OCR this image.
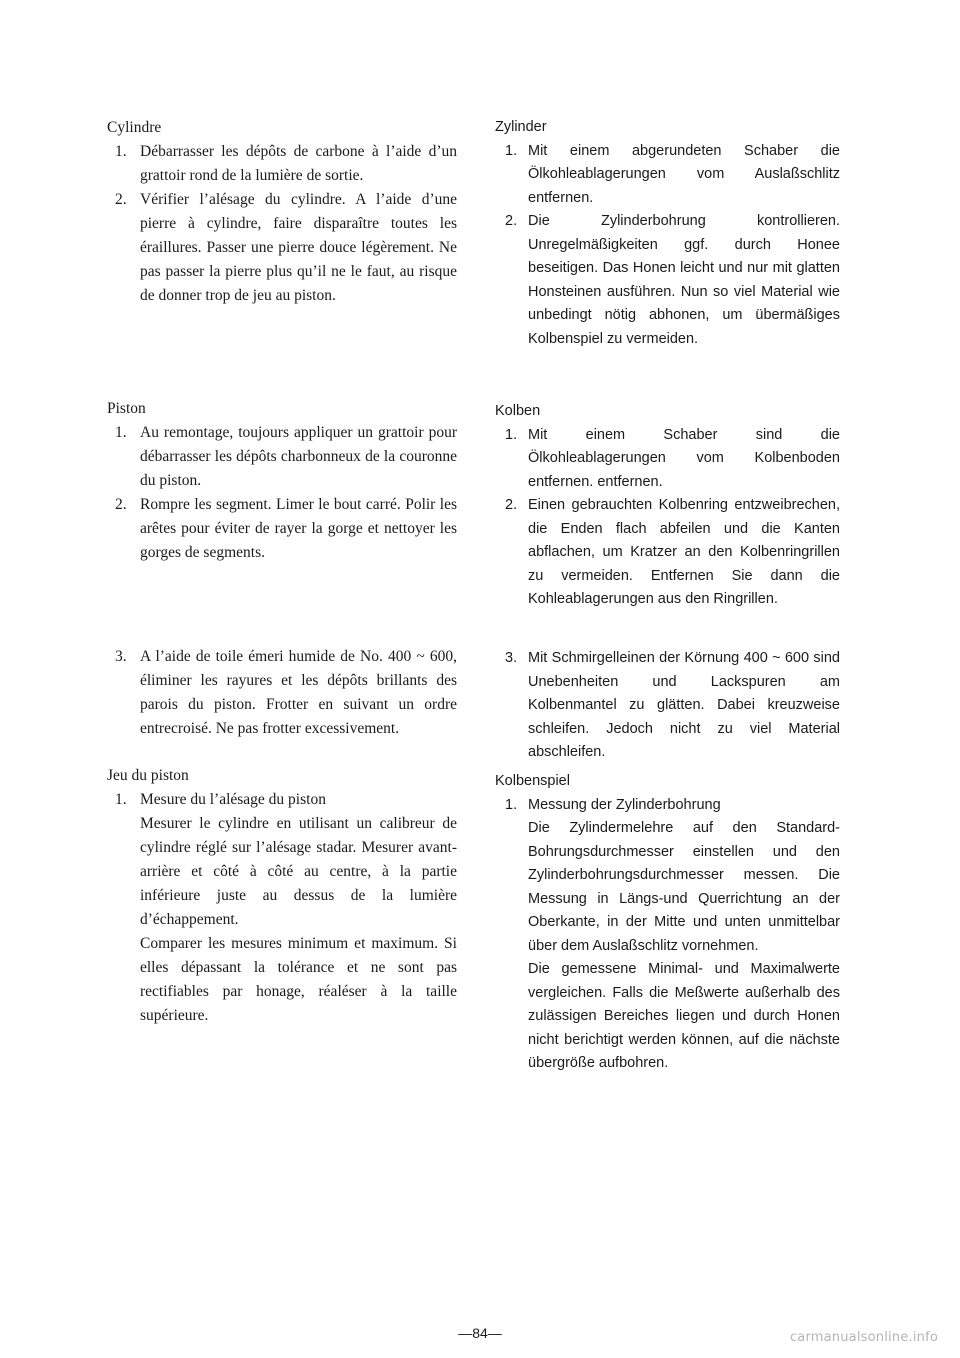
Cylindre

1. Débarrasser les dépôts de carbone à l’aide d’un grattoir rond de la lumière de sortie.
2. Vérifier l’alésage du cylindre. A l’aide d’une pierre à cylindre, faire disparaître toutes les éraillures. Passer une pierre douce légèrement. Ne pas passer la pierre plus qu’il ne le faut, au risque de donner trop de jeu au piston.

Piston

1. Au remontage, toujours appliquer un grattoir pour débarrasser les dépôts charbonneux de la couronne du piston.
2. Rompre les segment. Limer le bout carré. Polir les arêtes pour éviter de rayer la gorge et nettoyer les gorges de segments.
3. A l’aide de toile émeri humide de No. 400 ~ 600, éliminer les rayures et les dépôts brillants des parois du piston. Frotter en suivant un ordre entrecroisé. Ne pas frotter excessivement.

Jeu du piston

1. Mesure du l’alésage du piston
Mesurer le cylindre en utilisant un calibreur de cylindre réglé sur l’alésage stadar. Mesurer avant-arrière et côté à côté au centre, à la partie inférieure juste au dessus de la lumière d’échappement.
Comparer les mesures minimum et maximum. Si elles dépassant la tolérance et ne sont pas rectifiables par honage, réaléser à la taille supérieure.

Zylinder

1. Mit einem abgerundeten Schaber die Ölkohleablagerungen vom Auslaßschlitz entfernen.
2. Die Zylinderbohrung kontrollieren. Unregelmäßigkeiten ggf. durch Honee beseitigen. Das Honen leicht und nur mit glatten Honsteinen ausführen. Nun so viel Material wie unbedingt nötig abhonen, um übermäßiges Kolbenspiel zu vermeiden.

Kolben

1. Mit einem Schaber sind die Ölkohleablagerungen vom Kolbenboden entfernen. entfernen.
2. Einen gebrauchten Kolbenring entzweibrechen, die Enden flach abfeilen und die Kanten abflachen, um Kratzer an den Kolbenringrillen zu vermeiden. Entfernen Sie dann die Kohleablagerungen aus den Ringrillen.
3. Mit Schmirgelleinen der Körnung 400 ~ 600 sind Unebenheiten und Lackspuren am Kolbenmantel zu glätten. Dabei kreuzweise schleifen. Jedoch nicht zu viel Material abschleifen.

Kolbenspiel

1. Messung der Zylinderbohrung
Die Zylindermelehre auf den Standard-Bohrungsdurchmesser einstellen und den Zylinderbohrungsdurchmesser messen. Die Messung in Längs-und Querrichtung an der Oberkante, in der Mitte und unten unmittelbar über dem Auslaßschlitz vornehmen.
Die gemessene Minimal- und Maximalwerte vergleichen. Falls die Meßwerte außerhalb des zulässigen Bereiches liegen und durch Honen nicht berichtigt werden können, auf die nächste übergröße aufbohren.
—84—	carmanualsonline.info
